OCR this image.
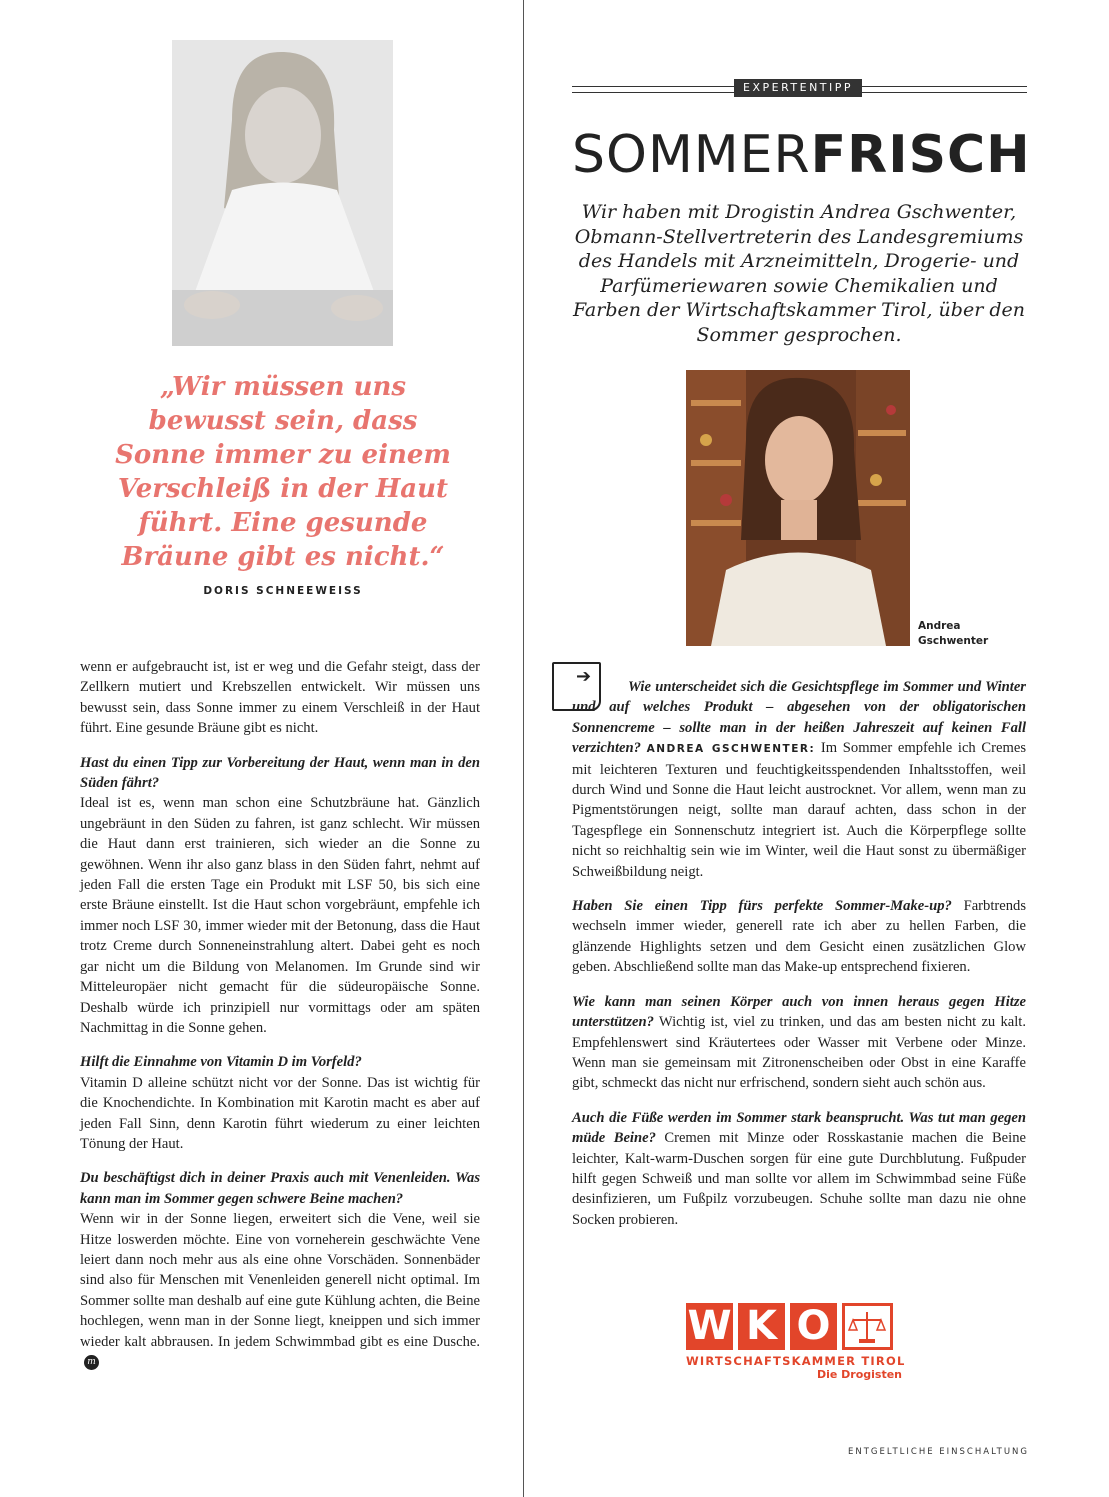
„Wir müssen uns bewusst sein, dass Sonne immer zu einem Verschleiß in der Haut führt. Eine gesunde Bräune gibt es nicht.“
DORIS SCHNEEWEISS

wenn er aufgebraucht ist, ist er weg und die Gefahr steigt, dass der Zellkern mutiert und Krebszellen entwickelt. Wir müssen uns bewusst sein, dass Sonne immer zu einem Verschleiß in der Haut führt. Eine gesunde Bräune gibt es nicht.

Hast du einen Tipp zur Vorbereitung der Haut, wenn man in den Süden fährt?
Ideal ist es, wenn man schon eine Schutzbräune hat. Gänzlich ungebräunt in den Süden zu fahren, ist ganz schlecht. Wir müssen die Haut dann erst trainieren, sich wieder an die Sonne zu gewöhnen. Wenn ihr also ganz blass in den Süden fahrt, nehmt auf jeden Fall die ersten Tage ein Produkt mit LSF 50, bis sich eine erste Bräune einstellt. Ist die Haut schon vorgebräunt, empfehle ich immer noch LSF 30, immer wieder mit der Betonung, dass die Haut trotz Creme durch Sonneneinstrahlung altert. Dabei geht es noch gar nicht um die Bildung von Melanomen. Im Grunde sind wir Mitteleuropäer nicht gemacht für die südeuropäische Sonne. Deshalb würde ich prinzipiell nur vormittags oder am späten Nachmittag in die Sonne gehen.

Hilft die Einnahme von Vitamin D im Vorfeld?
Vitamin D alleine schützt nicht vor der Sonne. Das ist wichtig für die Knochendichte. In Kombination mit Karotin macht es aber auf jeden Fall Sinn, denn Karotin führt wiederum zu einer leichten Tönung der Haut.

Du beschäftigst dich in deiner Praxis auch mit Venenleiden. Was kann man im Sommer gegen schwere Beine machen?
Wenn wir in der Sonne liegen, erweitert sich die Vene, weil sie Hitze loswerden möchte. Eine von vorneherein geschwächte Vene leiert dann noch mehr aus als eine ohne Vorschäden. Sonnenbäder sind also für Menschen mit Venenleiden generell nicht optimal. Im Sommer sollte man deshalb auf eine gute Kühlung achten, die Beine hochlegen, wenn man in der Sonne liegt, kneippen und sich immer wieder kalt abbrausen. In jedem Schwimmbad gibt es eine Dusche.m

EXPERTENTIPP
SOMMERFRISCH
Wir haben mit Drogistin Andrea Gschwenter, Obmann-Stellvertreterin des Landesgremiums des Handels mit Arzneimitteln, Drogerie- und Parfümeriewaren sowie Chemikalien und Farben der Wirtschaftskammer Tirol, über den Sommer gesprochen.
Andrea Gschwenter
➔	Wie unterscheidet sich die Gesichtspflege im Sommer und Winter und auf welches Produkt – abgesehen von der obligatorischen Sonnencreme – sollte man in der heißen Jahreszeit auf keinen Fall verzichten? ANDREA GSCHWENTER: Im Sommer empfehle ich Cremes mit leichteren Texturen und feuchtigkeitsspendenden Inhaltsstoffen, weil durch Wind und Sonne die Haut leicht austrocknet. Vor allem, wenn man zu Pigmentstörungen neigt, sollte man darauf achten, dass schon in der Tagespflege ein Sonnenschutz integriert ist. Auch die Körperpflege sollte nicht so reichhaltig sein wie im Winter, weil die Haut sonst zu übermäßiger Schweißbildung neigt.

Haben Sie einen Tipp fürs perfekte Sommer-Make-up? Farbtrends wechseln immer wieder, generell rate ich aber zu hellen Farben, die glänzende Highlights setzen und dem Gesicht einen zusätzlichen Glow geben. Abschließend sollte man das Make-up entsprechend fixieren.

Wie kann man seinen Körper auch von innen heraus gegen Hitze unterstützen? Wichtig ist, viel zu trinken, und das am besten nicht zu kalt. Empfehlenswert sind Kräutertees oder Wasser mit Verbene oder Minze. Wenn man sie gemeinsam mit Zitronenscheiben oder Obst in eine Karaffe gibt, schmeckt das nicht nur erfrischend, sondern sieht auch schön aus.

Auch die Füße werden im Sommer stark beansprucht. Was tut man gegen müde Beine? Cremen mit Minze oder Rosskastanie machen die Beine leichter, Kalt-warm-Duschen sorgen für eine gute Durchblutung. Fußpuder hilft gegen Schweiß und man sollte vor allem im Schwimmbad seine Füße desinfizieren, um Fußpilz vorzubeugen. Schuhe sollte man dazu nie ohne Socken probieren.

W K O
WIRTSCHAFTSKAMMER TIROL
Die Drogisten
ENTGELTLICHE EINSCHALTUNG
